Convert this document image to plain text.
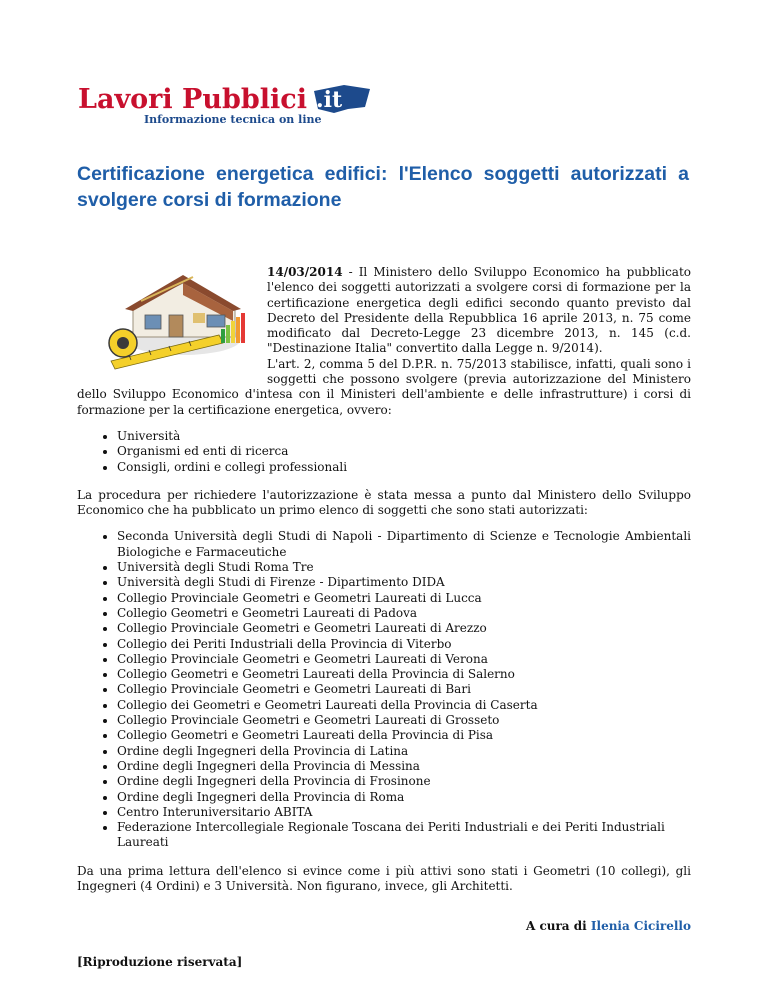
Lavori Pubblici .it
Informazione tecnica on line
Certificazione energetica edifici: l'Elenco soggetti autorizzati a svolgere corsi di formazione

14/03/2014 - Il Ministero dello Sviluppo Economico ha pubblicato l'elenco dei soggetti autorizzati a svolgere corsi di formazione per la certificazione energetica degli edifici secondo quanto previsto dal Decreto del Presidente della Repubblica 16 aprile 2013, n. 75 come modificato dal Decreto-Legge 23 dicembre 2013, n. 145 (c.d. "Destinazione Italia" convertito dalla Legge n. 9/2014).
L'art. 2, comma 5 del D.P.R. n. 75/2013 stabilisce, infatti, quali sono i soggetti che possono svolgere (previa autorizzazione del Ministero dello Sviluppo Economico d'intesa con il Ministeri dell'ambiente e delle infrastrutture) i corsi di formazione per la certificazione energetica, ovvero:

• Università
• Organismi ed enti di ricerca
• Consigli, ordini e collegi professionali

La procedura per richiedere l'autorizzazione è stata messa a punto dal Ministero dello Sviluppo Economico che ha pubblicato un primo elenco di soggetti che sono stati autorizzati:

• Seconda Università degli Studi di Napoli - Dipartimento di Scienze e Tecnologie Ambientali Biologiche e Farmaceutiche
• Università degli Studi Roma Tre
• Università degli Studi di Firenze - Dipartimento DIDA
• Collegio Provinciale Geometri e Geometri Laureati di Lucca
• Collegio Geometri e Geometri Laureati di Padova
• Collegio Provinciale Geometri e Geometri Laureati di Arezzo
• Collegio dei Periti Industriali della Provincia di Viterbo
• Collegio Provinciale Geometri e Geometri Laureati di Verona
• Collegio Geometri e Geometri Laureati della Provincia di Salerno
• Collegio Provinciale Geometri e Geometri Laureati di Bari
• Collegio dei Geometri e Geometri Laureati della Provincia di Caserta
• Collegio Provinciale Geometri e Geometri Laureati di Grosseto
• Collegio Geometri e Geometri Laureati della Provincia di Pisa
• Ordine degli Ingegneri della Provincia di Latina
• Ordine degli Ingegneri della Provincia di Messina
• Ordine degli Ingegneri della Provincia di Frosinone
• Ordine degli Ingegneri della Provincia di Roma
• Centro Interuniversitario ABITA
• Federazione Intercollegiale Regionale Toscana dei Periti Industriali e dei Periti Industriali Laureati

Da una prima lettura dell'elenco si evince come i più attivi sono stati i Geometri (10 collegi), gli Ingegneri (4 Ordini) e 3 Università. Non figurano, invece, gli Architetti.

A cura di Ilenia Cicirello

[Riproduzione riservata]
